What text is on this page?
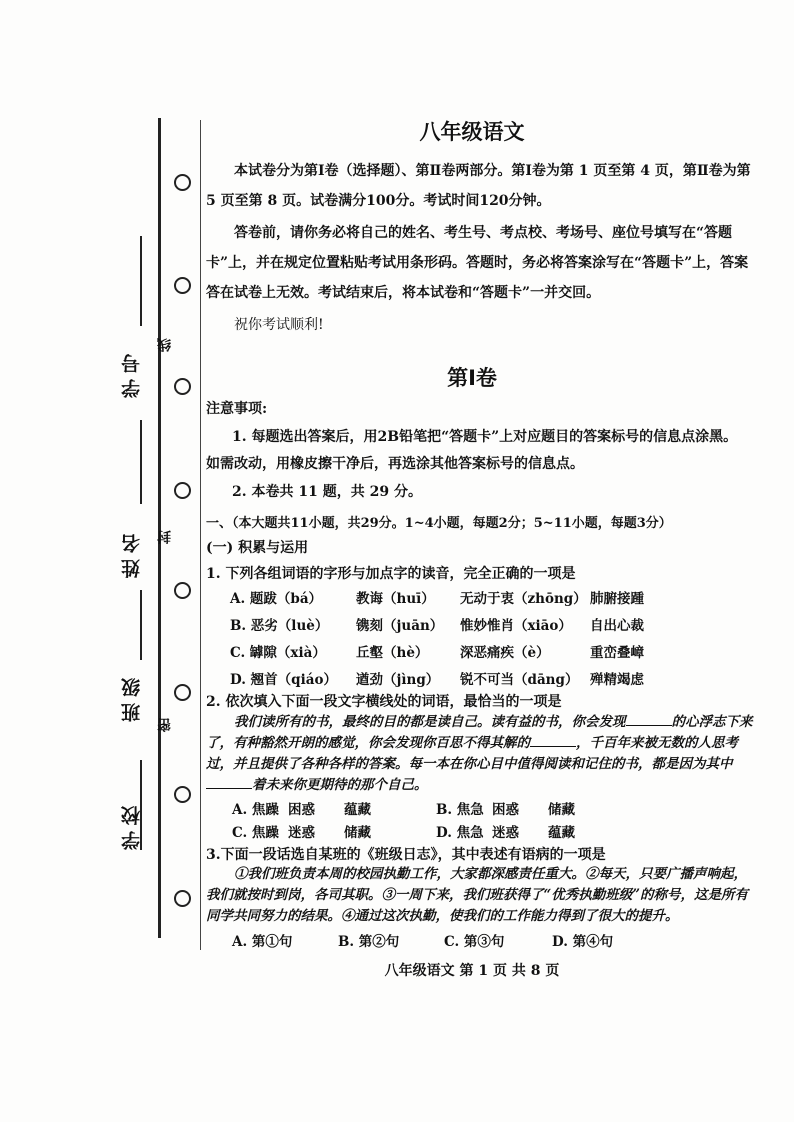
学号
姓名
班级
学校
线
封
密
八年级语文
本试卷分为第Ⅰ卷（选择题）、第Ⅱ卷两部分。第Ⅰ卷为第 1 页至第 4 页，第Ⅱ卷为第 5 页至第 8 页。试卷满分100分。考试时间120分钟。
答卷前，请你务必将自己的姓名、考生号、考点校、考场号、座位号填写在“答题卡”上，并在规定位置粘贴考试用条形码。答题时，务必将答案涂写在“答题卡”上，答案答在试卷上无效。考试结束后，将本试卷和“答题卡”一并交回。
祝你考试顺利!
第Ⅰ卷
注意事项:
1. 每题选出答案后，用2B铅笔把“答题卡”上对应题目的答案标号的信息点涂黑。
如需改动，用橡皮擦干净后，再选涂其他答案标号的信息点。
2. 本卷共 11 题，共 29 分。
一、（本大题共11小题，共29分。1~4小题，每题2分；5~11小题，每题3分）
(一) 积累与运用
1. 下列各组词语的字形与加点字的读音，完全正确的一项是
A. 题跋（bá）	教诲（huī） 无动于衷（zhōng） 肺腑接踵
B. 恶劣（luè） 镌刻（juān） 惟妙惟肖（xiāo） 自出心裁
C. 罅隙（xià） 丘壑（hè） 深恶痛疾（è）	重峦叠嶂
D. 翘首（qiáo） 遒劲（jìng） 锐不可当（dāng） 殚精竭虑
2. 依次填入下面一段文字横线处的词语，最恰当的一项是
我们读所有的书，最终的目的都是读自己。读有益的书，你会发现	的心浮志下来了，有种豁然开朗的感觉，你会发现你百思不得其解的	，千百年来被无数的人思考过，并且提供了各种各样的答案。每一本在你心目中值得阅读和记住的书，都是因为其中着未来你更期待的那个自己。
A. 焦躁 困惑 蕴藏	B. 焦急 困惑 储藏
C. 焦躁 迷惑 储藏	D. 焦急 迷惑 蕴藏
3.下面一段话选自某班的《班级日志》，其中表述有语病的一项是
①我们班负责本周的校园执勤工作，大家都深感责任重大。②每天，只要广播声响起，我们就按时到岗，各司其职。③一周下来，我们班获得了“优秀执勤班级”的称号，这是所有同学共同努力的结果。④通过这次执勤，使我们的工作能力得到了很大的提升。
A. 第①句	B. 第②句	C. 第③句	D. 第④句
八年级语文 第 1 页 共 8 页
